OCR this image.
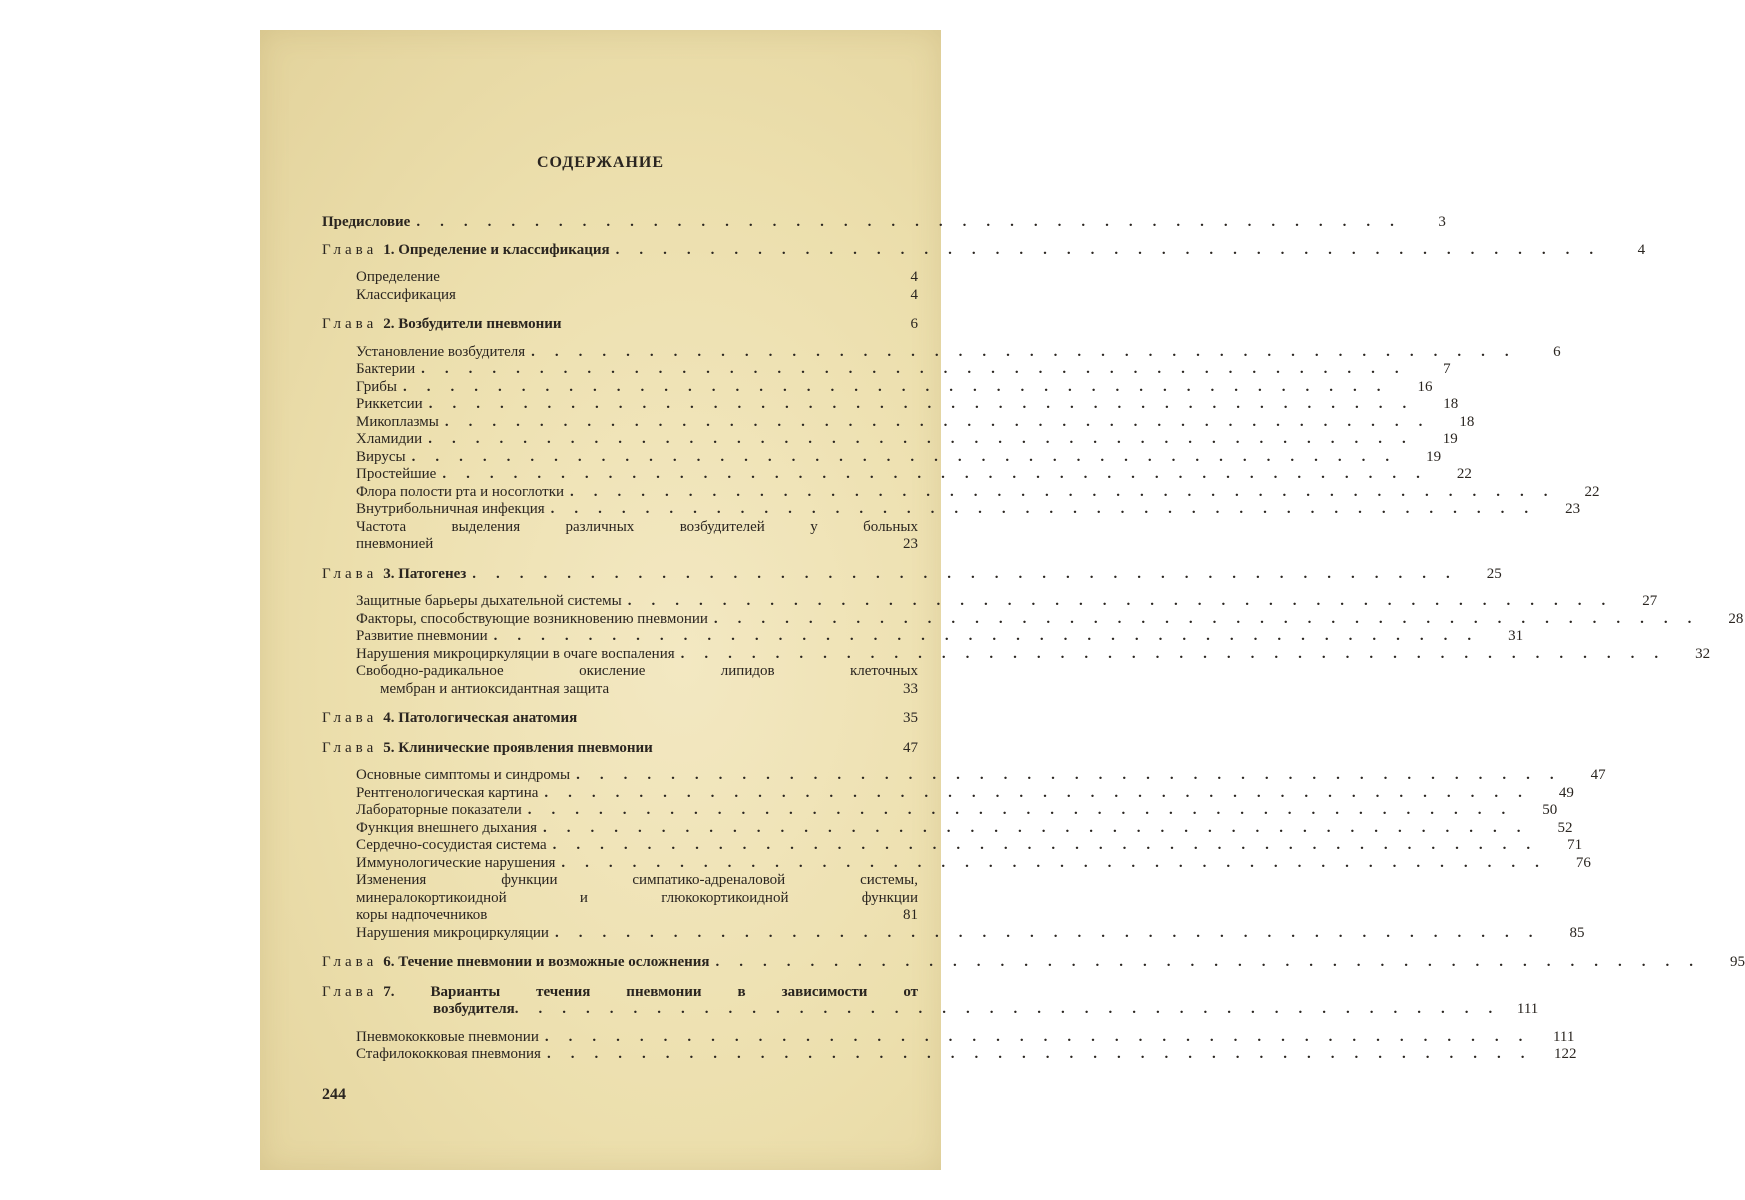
СОДЕРЖАНИЕ
Предисловие ..........................................	3
Глава 1. Определение и классификация ..........................................	4
Определение	4
Классификация	4
Глава 2. Возбудители пневмонии	6
Установление возбудителя ..........................................	6
Бактерии ..........................................	7
Грибы ..........................................	16
Риккетсии ..........................................	18
Микоплазмы ..........................................	18
Хламидии ..........................................	19
Вирусы ..........................................	19
Простейшие ..........................................	22
Флора полости рта и носоглотки ..........................................	22
Внутрибольничная инфекция ..........................................	23
Частота выделения различных возбудителей у больных
пневмонией	23
Глава 3. Патогенез ..........................................	25
Защитные барьеры дыхательной системы ..........................................	27
Факторы, способствующие возникновению пневмонии ..........................................	28
Развитие пневмонии ..........................................	31
Нарушения микроциркуляции в очаге воспаления ..........................................	32
Свободно-радикальное окисление липидов клеточных
мембран и антиоксидантная защита	33
Глава 4. Патологическая анатомия	35
Глава 5. Клинические проявления пневмонии	47
Основные симптомы и синдромы ..........................................	47
Рентгенологическая картина ..........................................	49
Лабораторные показатели ..........................................	50
Функция внешнего дыхания ..........................................	52
Сердечно-сосудистая система ..........................................	71
Иммунологические нарушения ..........................................	76
Изменения функции симпатико-адреналовой системы,
минералокортикоидной и глюкокортикоидной функции
коры надпочечников	81
Нарушения микроциркуляции ..........................................	85
Глава 6. Течение пневмонии и возможные осложнения ..........................................	95
Глава 7. Варианты течения пневмонии в зависимости от
возбудителя .......................................... 111
Пневмококковые пневмонии .......................................... 111
Стафилококковая пневмония .......................................... 122
244
